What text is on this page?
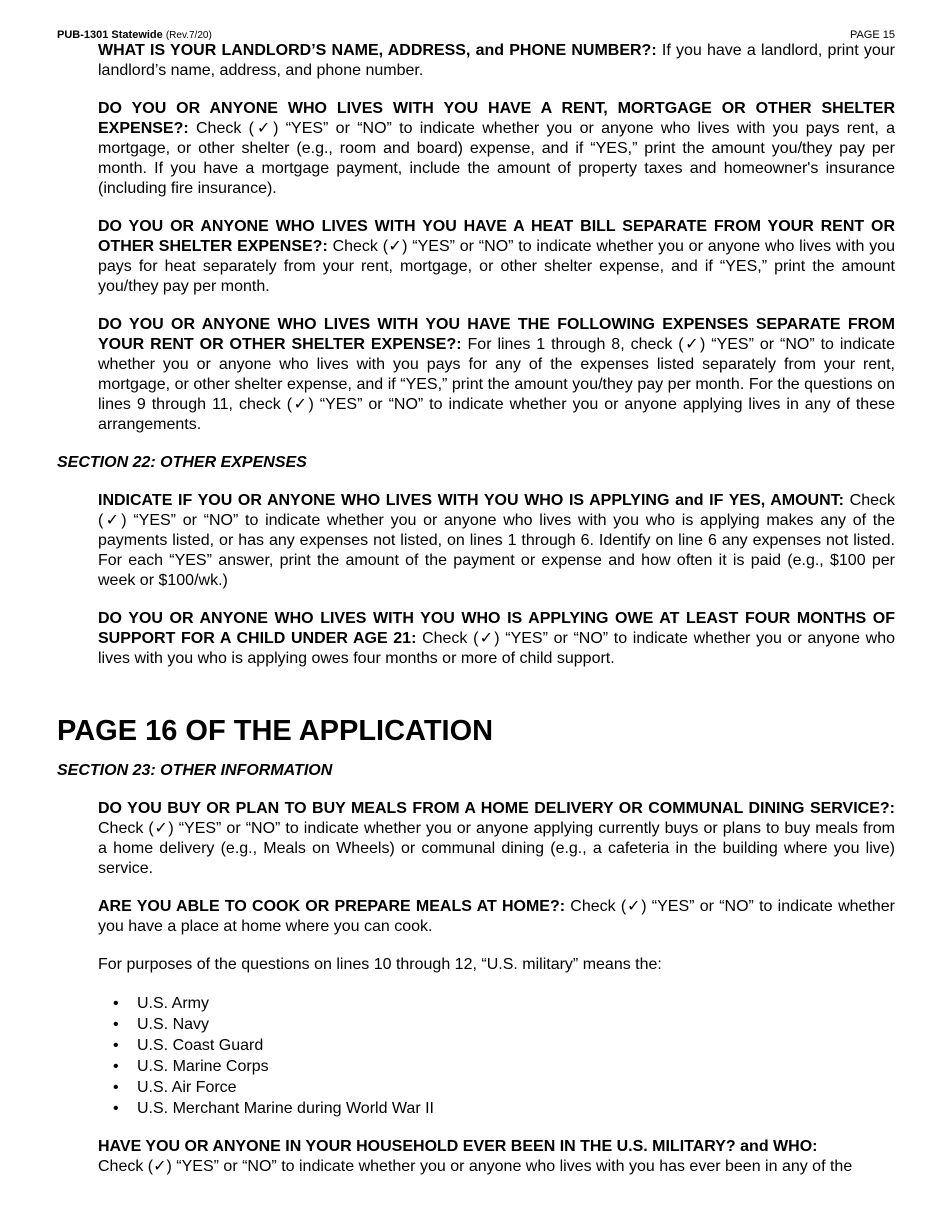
PUB-1301 Statewide (Rev.7/20)	PAGE 15

WHAT IS YOUR LANDLORD’S NAME, ADDRESS, and PHONE NUMBER?: If you have a landlord, print your landlord’s name, address, and phone number.

DO YOU OR ANYONE WHO LIVES WITH YOU HAVE A RENT, MORTGAGE OR OTHER SHELTER EXPENSE?: Check (✓) “YES” or “NO” to indicate whether you or anyone who lives with you pays rent, a mortgage, or other shelter (e.g., room and board) expense, and if “YES,” print the amount you/they pay per month. If you have a mortgage payment, include the amount of property taxes and homeowner's insurance (including fire insurance).

DO YOU OR ANYONE WHO LIVES WITH YOU HAVE A HEAT BILL SEPARATE FROM YOUR RENT OR OTHER SHELTER EXPENSE?: Check (✓) “YES” or “NO” to indicate whether you or anyone who lives with you pays for heat separately from your rent, mortgage, or other shelter expense, and if “YES,” print the amount you/they pay per month.

DO YOU OR ANYONE WHO LIVES WITH YOU HAVE THE FOLLOWING EXPENSES SEPARATE FROM YOUR RENT OR OTHER SHELTER EXPENSE?: For lines 1 through 8, check (✓) “YES” or “NO” to indicate whether you or anyone who lives with you pays for any of the expenses listed separately from your rent, mortgage, or other shelter expense, and if “YES,” print the amount you/they pay per month. For the questions on lines 9 through 11, check (✓) “YES” or “NO” to indicate whether you or anyone applying lives in any of these arrangements.

SECTION 22: OTHER EXPENSES

INDICATE IF YOU OR ANYONE WHO LIVES WITH YOU WHO IS APPLYING and IF YES, AMOUNT: Check (✓) “YES” or “NO” to indicate whether you or anyone who lives with you who is applying makes any of the payments listed, or has any expenses not listed, on lines 1 through 6. Identify on line 6 any expenses not listed. For each “YES” answer, print the amount of the payment or expense and how often it is paid (e.g., $100 per week or $100/wk.)

DO YOU OR ANYONE WHO LIVES WITH YOU WHO IS APPLYING OWE AT LEAST FOUR MONTHS OF SUPPORT FOR A CHILD UNDER AGE 21: Check (✓) “YES” or “NO” to indicate whether you or anyone who lives with you who is applying owes four months or more of child support.

PAGE 16 OF THE APPLICATION

SECTION 23: OTHER INFORMATION

DO YOU BUY OR PLAN TO BUY MEALS FROM A HOME DELIVERY OR COMMUNAL DINING SERVICE?: Check (✓) “YES” or “NO” to indicate whether you or anyone applying currently buys or plans to buy meals from a home delivery (e.g., Meals on Wheels) or communal dining (e.g., a cafeteria in the building where you live) service.

ARE YOU ABLE TO COOK OR PREPARE MEALS AT HOME?: Check (✓) “YES” or “NO” to indicate whether you have a place at home where you can cook.

For purposes of the questions on lines 10 through 12, “U.S. military” means the:

• U.S. Army
• U.S. Navy
• U.S. Coast Guard
• U.S. Marine Corps
• U.S. Air Force
• U.S. Merchant Marine during World War II

HAVE YOU OR ANYONE IN YOUR HOUSEHOLD EVER BEEN IN THE U.S. MILITARY? and WHO:
Check (✓) “YES” or “NO” to indicate whether you or anyone who lives with you has ever been in any of the
